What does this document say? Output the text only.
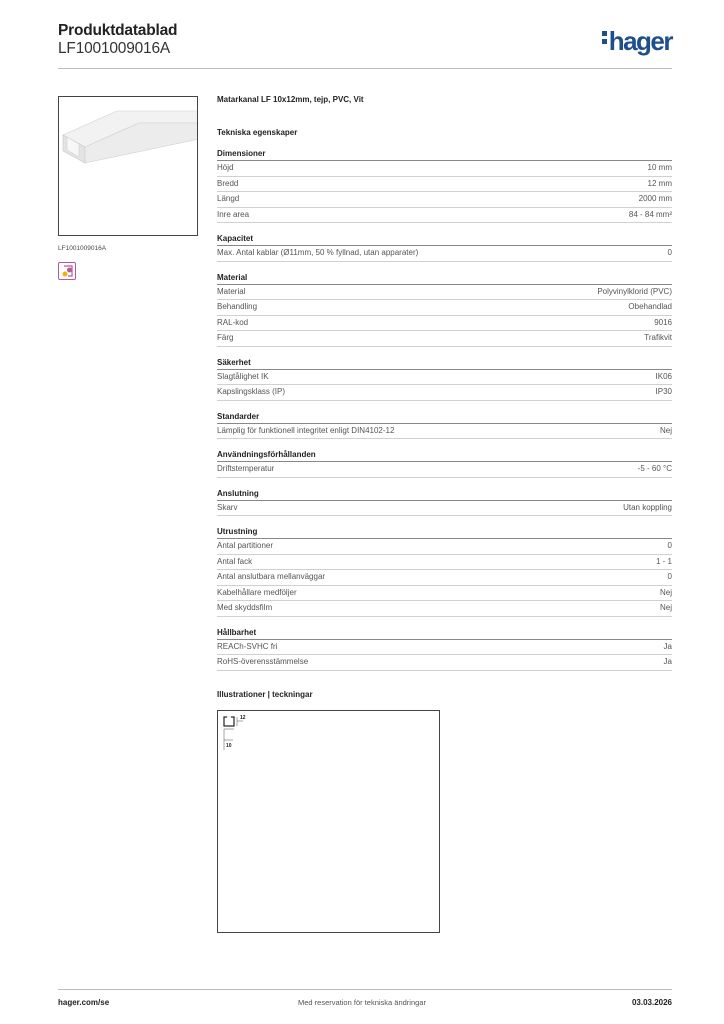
Produktdatablad
LF1001009016A	hager
LF1001009016A
Matarkanal LF 10x12mm, tejp, PVC, Vit
Tekniska egenskaper
Dimensioner
Höjd	10 mm
Bredd	12 mm
Längd	2000 mm
Inre area	84 - 84 mm²
Kapacitet
Max. Antal kablar (Ø11mm, 50 % fyllnad, utan apparater)	0
Material
Material	Polyvinylklorid (PVC)
Behandling	Obehandlad
RAL-kod	9016
Färg	Trafikvit
Säkerhet
Slagtålighet IK	IK06
Kapslingsklass (IP)	IP30
Standarder
Lämplig för funktionell integritet enligt DIN4102-12	Nej
Användningsförhållanden
Driftstemperatur	-5 - 60 °C
Anslutning
Skarv	Utan koppling
Utrustning
Antal partitioner	0
Antal fack	1 - 1
Antal anslutbara mellanväggar	0
Kabelhållare medföljer	Nej
Med skyddsfilm	Nej
Hållbarhet
REACh-SVHC fri	Ja
RoHS-överensstämmelse	Ja
Illustrationer | teckningar
12
10
hager.com/se	Med reservation för tekniska ändringar	03.03.2026
